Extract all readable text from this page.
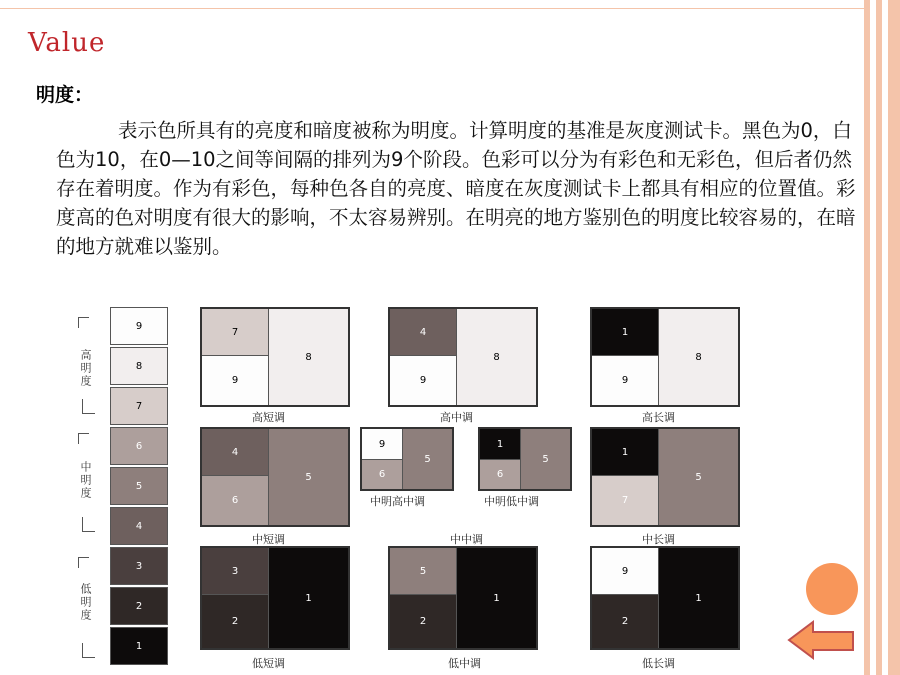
Value
明度：
表示色所具有的亮度和暗度被称为明度。计算明度的基准是灰度测试卡。黑色为0，白色为10，在0—10之间等间隔的排列为9个阶段。色彩可以分为有彩色和无彩色，但后者仍然存在着明度。作为有彩色，每种色各自的亮度、暗度在灰度测试卡上都具有相应的位置值。彩度高的色对明度有很大的影响，不太容易辨别。在明亮的地方鉴别色的明度比较容易的，在暗的地方就难以鉴别。
高明度
中明度
低明度
9
8
7
6
5
4
3
2
1
7
9
8
高短调
4
9
8
高中调
1
9
8
高长调
4
6
5
中短调
9
6
5
中明高中调
1
6
5
中明低中调
中中调
1
7
5
中长调
3
2
1
低短调
5
2
1
低中调
9
2
1
低长调
